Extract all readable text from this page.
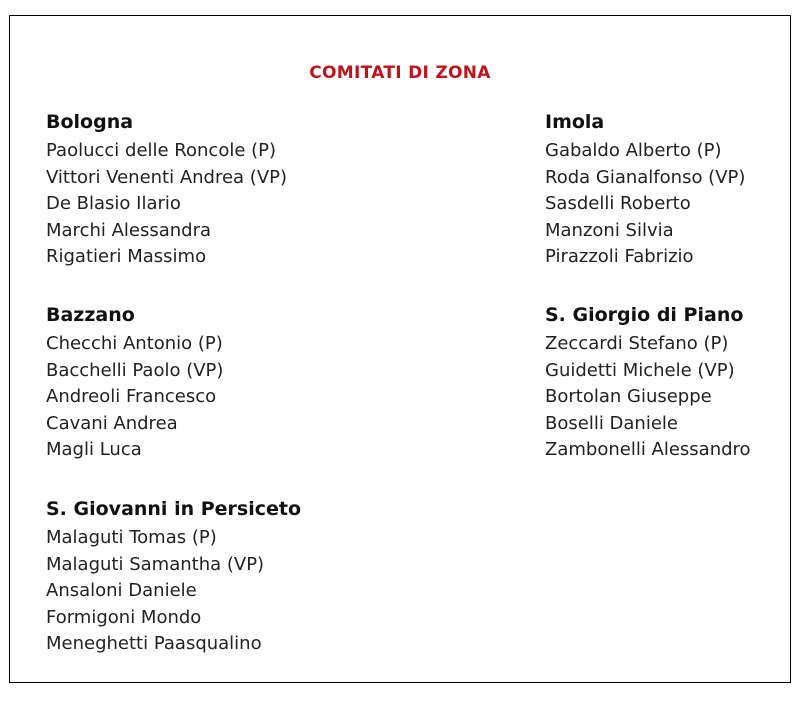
COMITATI DI ZONA
Bologna
Paolucci delle Roncole (P)
Vittori Venenti Andrea (VP)
De Blasio Ilario
Marchi Alessandra
Rigatieri Massimo
Imola
Gabaldo Alberto (P)
Roda Gianalfonso (VP)
Sasdelli Roberto
Manzoni Silvia
Pirazzoli Fabrizio
Bazzano
Checchi Antonio (P)
Bacchelli Paolo (VP)
Andreoli Francesco
Cavani Andrea
Magli Luca
S. Giorgio di Piano
Zeccardi Stefano (P)
Guidetti Michele (VP)
Bortolan Giuseppe
Boselli Daniele
Zambonelli Alessandro
S. Giovanni in Persiceto
Malaguti Tomas (P)
Malaguti Samantha (VP)
Ansaloni Daniele
Formigoni Mondo
Meneghetti Paasqualino
